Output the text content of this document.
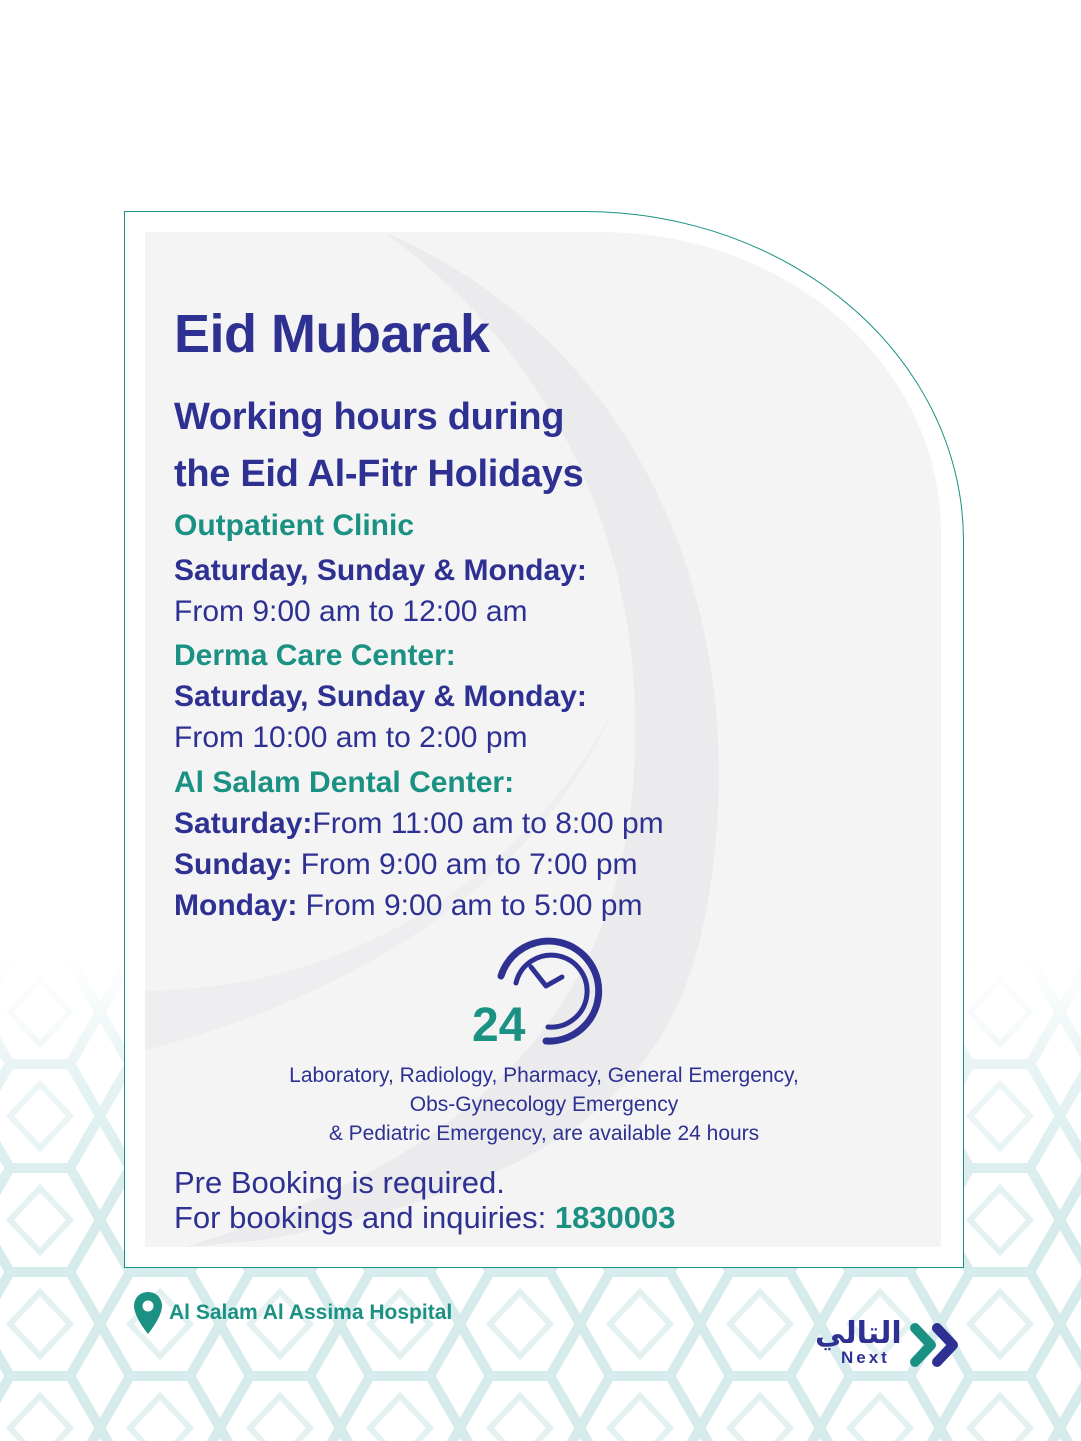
Eid Mubarak
Working hours during
the Eid Al-Fitr Holidays

Outpatient Clinic

Saturday, Sunday & Monday:

From 9:00 am to 12:00 am

Derma Care Center:

Saturday, Sunday & Monday:

From 10:00 am to 2:00 pm

Al Salam Dental Center:

Saturday:From 11:00 am to 8:00 pm

Sunday: From 9:00 am to 7:00 pm

Monday: From 9:00 am to 5:00 pm

24

Laboratory, Radiology, Pharmacy, General Emergency,
Obs-Gynecology Emergency
& Pediatric Emergency, are available 24 hours

Pre Booking is required.
For bookings and inquiries: 1830003

Al Salam Al Assima Hospital
التالي
Next
